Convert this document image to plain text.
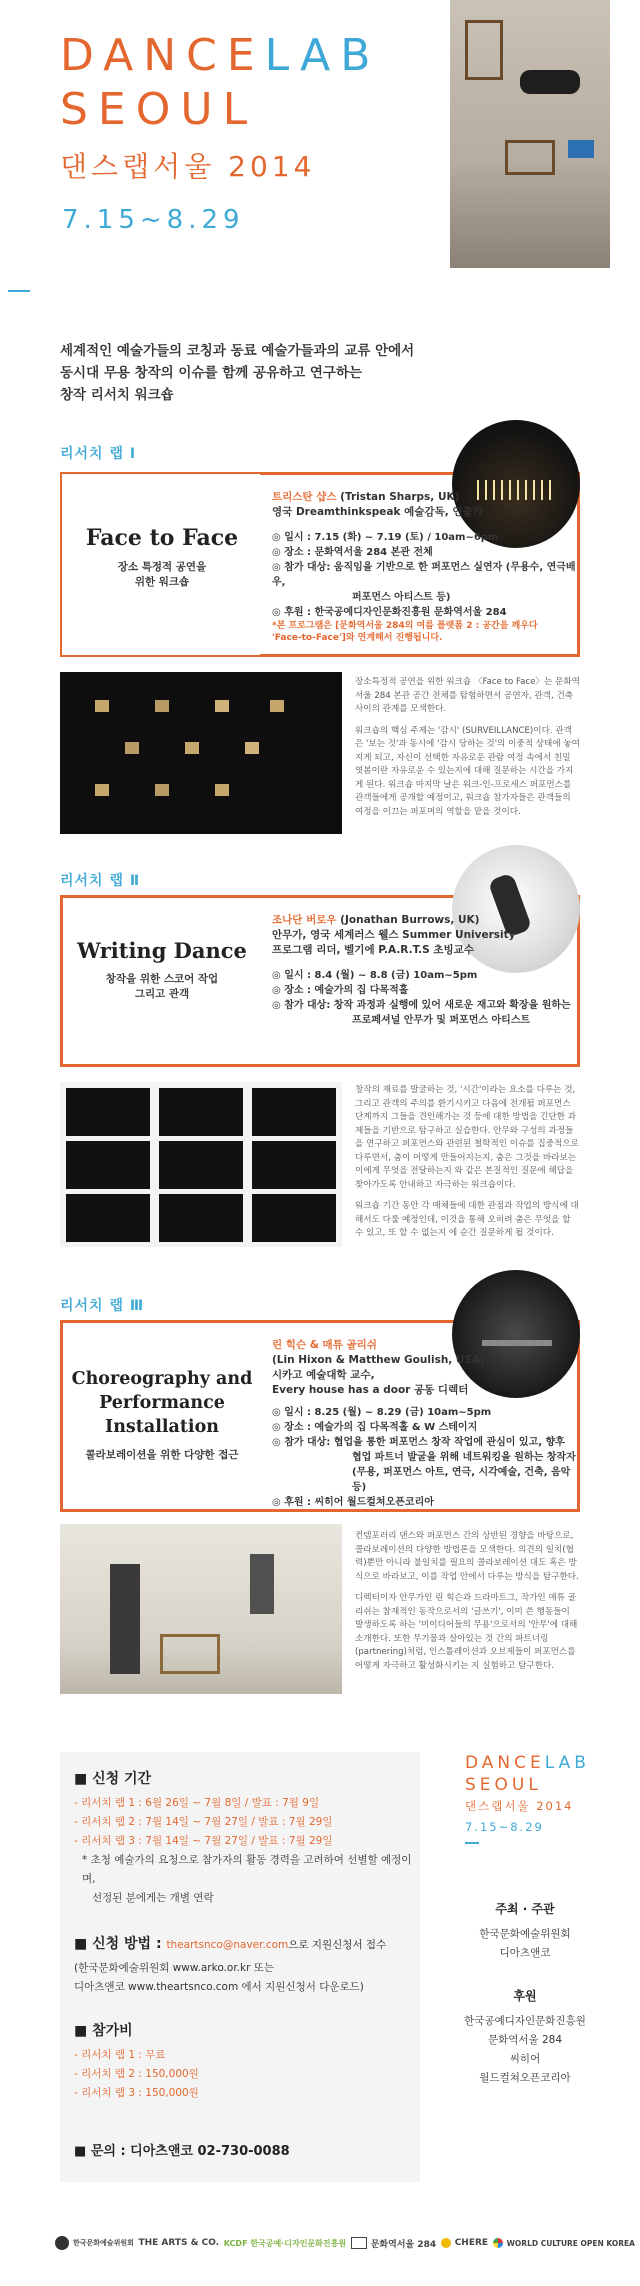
DANCELAB
SEOUL
댄스랩서울 2014
7.15~8.29
세계적인 예술가들의 코칭과 동료 예술가들과의 교류 안에서
동시대 무용 창작의 이슈를 함께 공유하고 연구하는
창작 리서치 워크숍
리서치 랩 Ⅰ
Face to Face
장소 특정적 공연을
위한 워크숍
트리스탄 샵스 (Tristan Sharps, UK)
영국 Dreamthinkspeak 예술감독, 연출가
◎ 일시 : 7.15 (화) ~ 7.19 (토) / 10am~6pm
◎ 장소 : 문화역서울 284 본관 전체
◎ 참가 대상: 움직임을 기반으로 한 퍼포먼스 실연자 (무용수, 연극배우,
퍼포먼스 아티스트 등)
◎ 후원 : 한국공예디자인문화진흥원 문화역서울 284
*본 프로그램은 [문화역서울 284의 여름 플랫폼 2 : 공간을 깨우다
'Face-to-Face']와 연계해서 진행됩니다.

장소특정적 공연을 위한 워크숍 〈Face to Face〉는 문화역서울 284 본관 공간 전체를 탐험하면서 공연자, 관객, 건축 사이의 관계를 모색한다.

워크숍의 핵심 주제는 '감시' (SURVEILLANCE)이다. 관객은 '보는 것'과 동시에 '감시 당하는 것'의 이중적 상태에 놓여지게 되고, 자신이 선택한 자유로운 관람 여정 속에서 친밀 엿봄이란 자유로운 수 있는지에 대해 질문하는 시간을 가지게 된다. 워크숍 마지막 날은 워크-인-프로세스 퍼포먼스를 관객들에게 공개할 예정이고, 워크숍 참가자들은 관객들의 여정을 이끄는 퍼포머의 역할을 맡을 것이다.

리서치 랩 Ⅱ
Writing Dance
창작을 위한 스코어 작업
그리고 관객
조나단 버로우 (Jonathan Burrows, UK)
안무가, 영국 세계러스 웰스 Summer University
프로그램 리더, 벨기에 P.A.R.T.S 초빙교수
◎ 일시 : 8.4 (월) ~ 8.8 (금) 10am~5pm
◎ 장소 : 예술가의 집 다목적홀
◎ 참가 대상: 창작 과정과 실행에 있어 새로운 재고와 확장을 원하는
프로페셔널 안무가 및 퍼포먼스 아티스트

창작의 재료를 발굴하는 것, '시간'이라는 요소를 다루는 것, 그리고 관객의 주의를 환기시키고 다음에 전개될 퍼포먼스 단계까지 그들을 견인해가는 것 등에 대한 방법을 긴단한 과제들을 기반으로 탐구하고 실습한다. 안무와 구성의 과정들을 연구하고 퍼포먼스와 관련된 철학적인 이슈를 집중적으로 다루면서, 춤이 어떻게 만들어지는지, 춤은 그것을 바라보는 이에게 무엇을 전달하는지 와 같은 본질적인 질문에 해답을 찾아가도록 안내하고 자극하는 워크숍이다.

워크숍 기간 동안 각 매체들에 대한 관점과 작업의 방식에 대해서도 다룰 예정인데, 이것을 통해 오히려 춤은 무엇을 할 수 있고, 또 할 수 없는지 에 순간 질문하게 될 것이다.

리서치 랩 Ⅲ
Choreography and
Performance
Installation
콜라보레이션을 위한 다양한 접근
린 힉슨 & 매튜 골리쉬
(Lin Hixon & Matthew Goulish, USA)
시카고 예술대학 교수,
Every house has a door 공동 디렉터
◎ 일시 : 8.25 (월) ~ 8.29 (금) 10am~5pm
◎ 장소 : 예술가의 집 다목적홀 & W 스테이지
◎ 참가 대상: 협업을 통한 퍼포먼스 창작 작업에 관심이 있고, 향후
협업 파트너 발굴을 위해 네트워킹을 원하는 창작자
(무용, 퍼포먼스 아트, 연극, 시각예술, 건축, 음악 등)
◎ 후원 : 씨히어 월드컬쳐오픈코리아

컨템포러리 댄스와 퍼포먼스 간의 상반된 경향을 바탕으로, 콜라보레이션의 다양한 방법론을 모색한다. 의견의 일치(협력)뿐만 아니라 불일치를 필요의 콜라보레이션 대도 혹은 방식으로 바라보고, 이를 작업 안에서 다루는 방식을 탐구한다.

디렉터이자 안무가인 린 힉슨과 드라마트그, 작가인 매튜 골리쉬는 참재적인 동작으로서의 '글쓰기', 이미 쓴 행동들이 발생하도록 하는 '미이디어들의 무용'으로서의 '안무'에 대해 소개한다. 또한 무기물과 살아있는 것 간의 파트너링(partnering)처럼, 인스톨레이션과 오브제들이 퍼포먼스를 어떻게 자극하고 활성화시키는 지 실험하고 탐구한다.

■ 신청 기간
- 리서치 랩 1 : 6월 26일 ~ 7월 8일 / 발표 : 7월 9일
- 리서치 랩 2 : 7월 14일 ~ 7월 27일 / 발표 : 7월 29일
- 리서치 랩 3 : 7월 14일 ~ 7월 27일 / 발표 : 7월 29일
* 초청 예술가의 요청으로 참가자의 활동 경력을 고려하여 선별할 예정이며,
선정된 분에게는 개별 연락
■ 신청 방법 : theartsnco@naver.com으로 지원신청서 접수
(한국문화예술위원회 www.arko.or.kr 또는
디아츠앤코 www.theartsnco.com 에서 지원신청서 다운로드)
■ 참가비
- 리서치 랩 1 : 무료
- 리서치 랩 2 : 150,000원
- 리서치 랩 3 : 150,000원
■ 문의 : 디아츠앤코 02-730-0088
DANCELAB
SEOUL
댄스랩서울 2014
7.15~8.29
주최 · 주관
한국문화예술위원회
디아츠앤코
후원
한국공예디자인문화진흥원
문화역서울 284
씨히어
월드컬쳐오픈코리아
한국문화예술위원회 THE ARTS & CO. KCDF 한국공예·디자인문화진흥원	문화역서울 284 CHERE WORLD CULTURE OPEN KOREA
